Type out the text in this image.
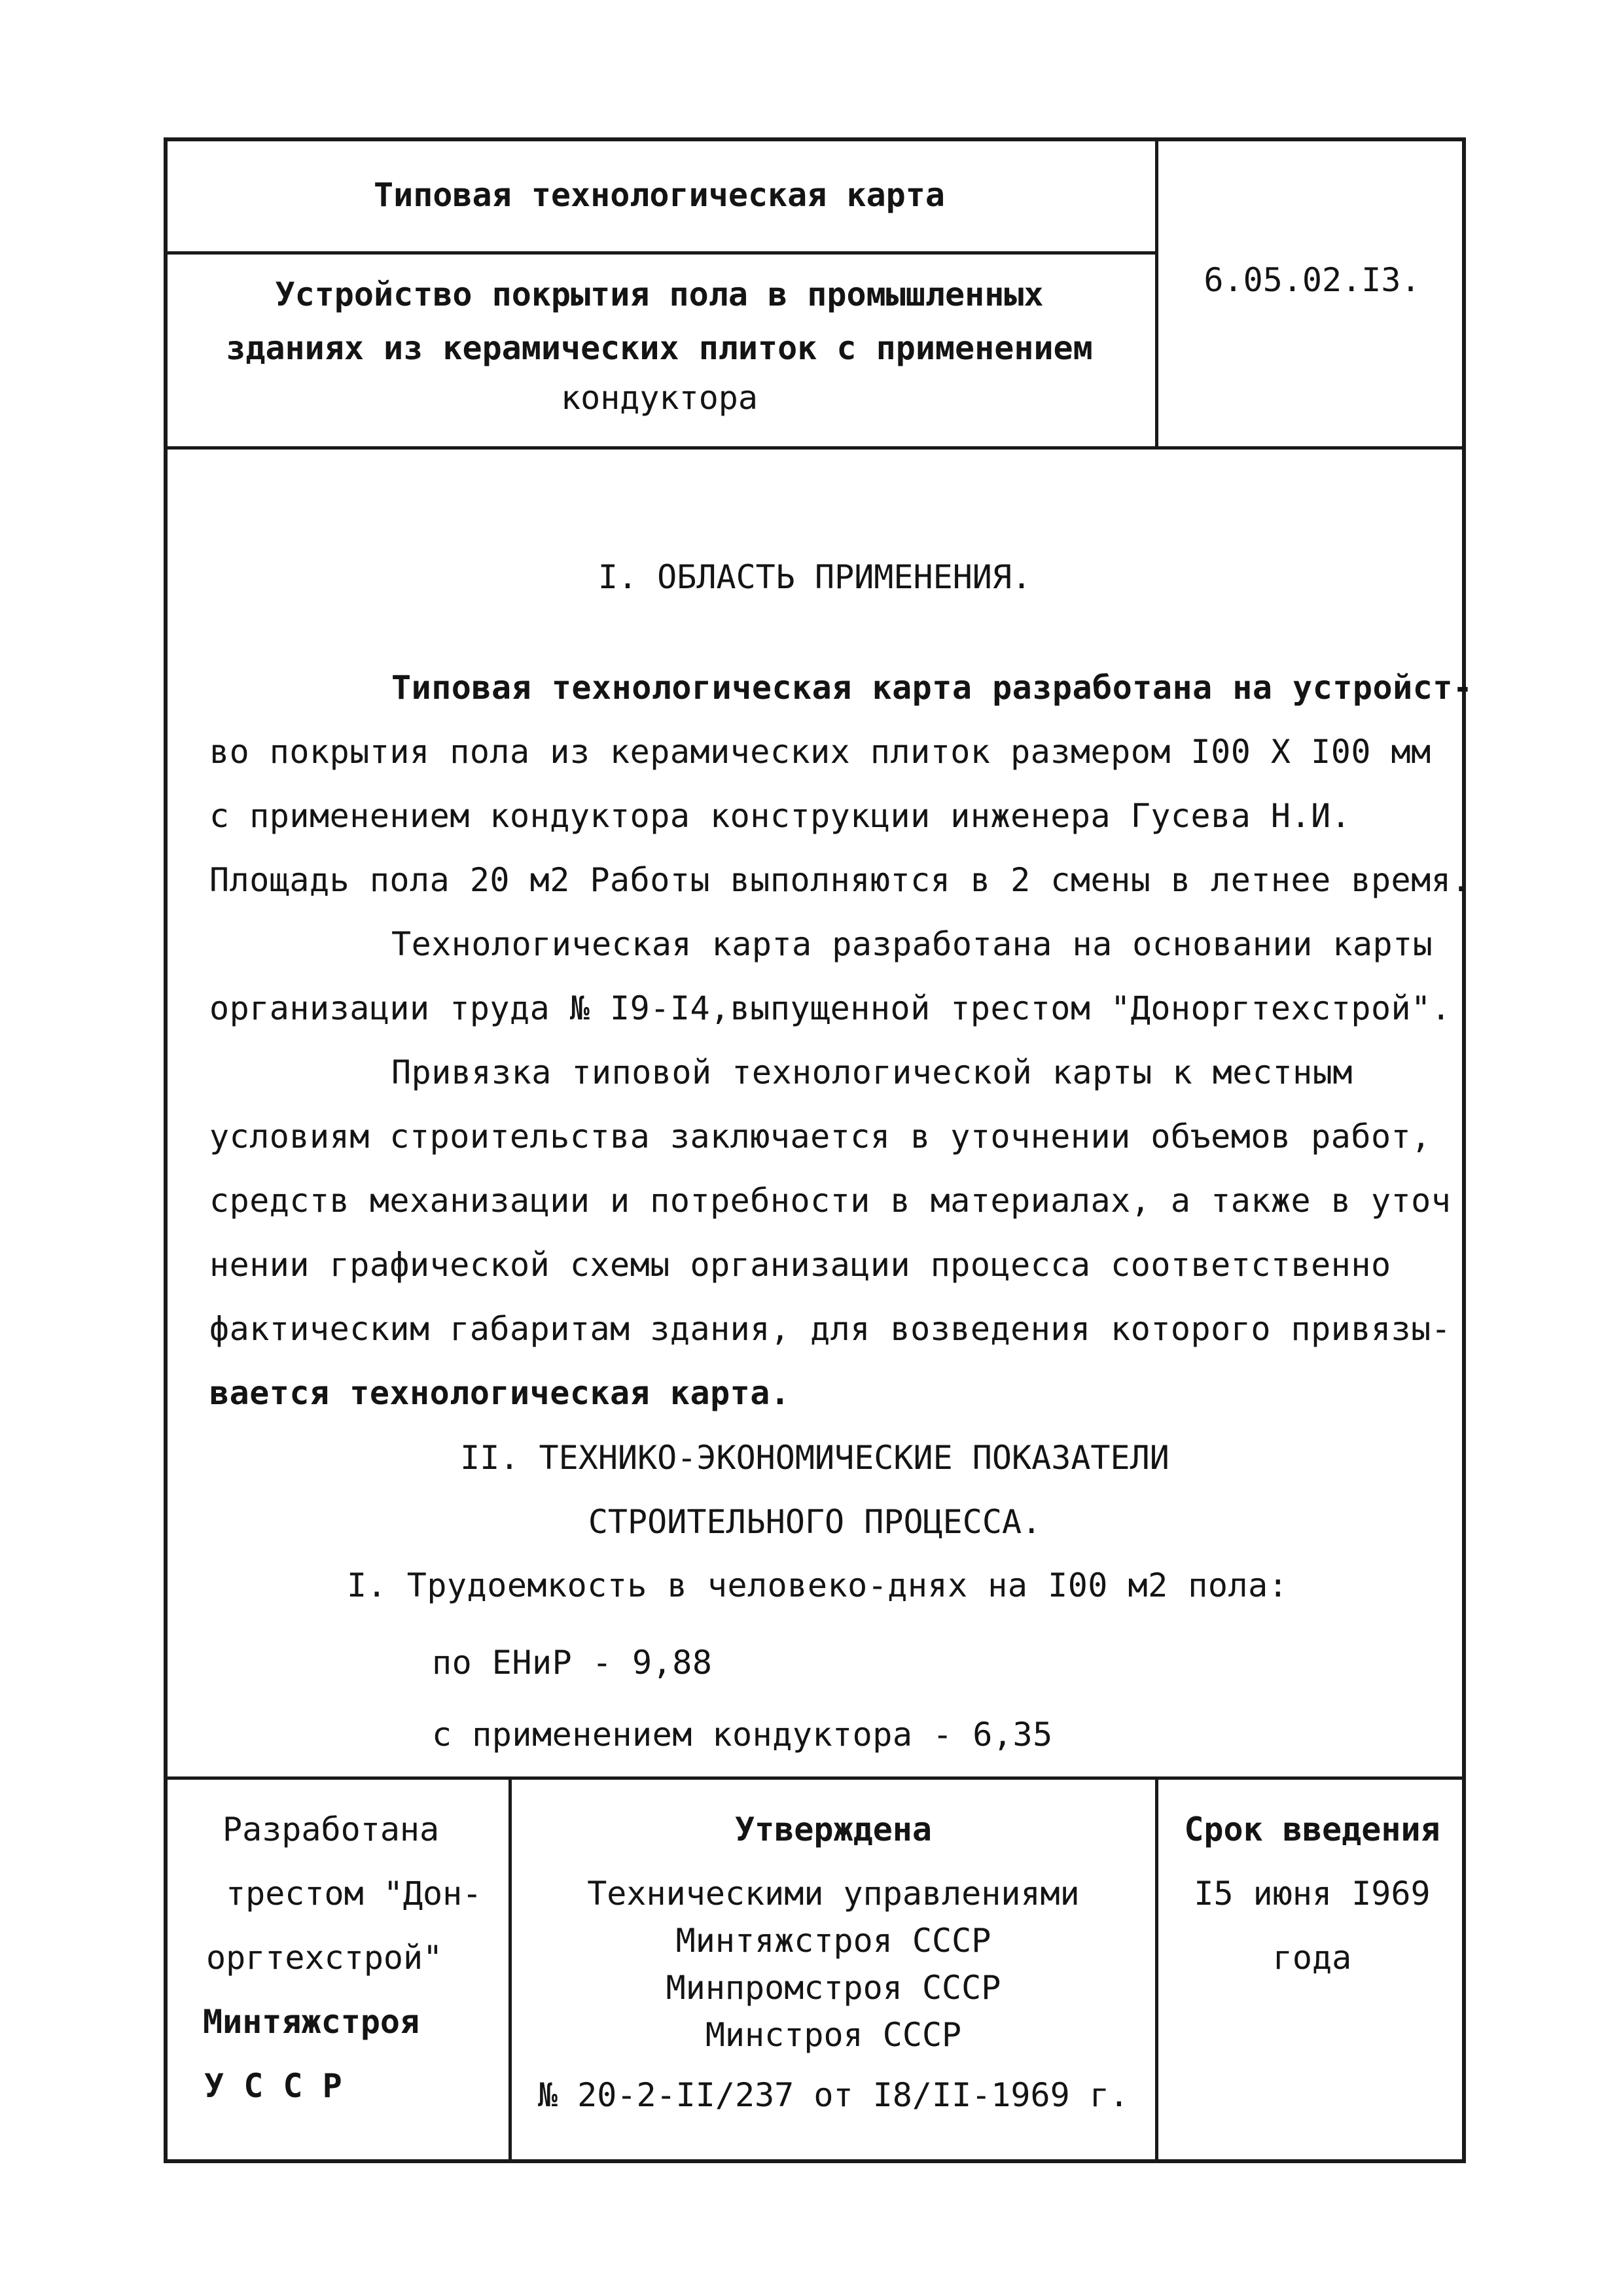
Типовая технологическая карта
6.05.02.I3.
Устройство покрытия пола в промышленных
зданиях из керамических плиток с применением
кондуктора
I. ОБЛАСТЬ ПРИМЕНЕНИЯ.
Типовая технологическая карта разработана на устройст-
во покрытия пола из керамических плиток размером I00 X I00 мм
с применением кондуктора конструкции инженера Гусева Н.И.
Площадь пола 20 м2 Работы выполняются в 2 смены в летнее время.
Технологическая карта разработана на основании карты
организации труда № I9-I4,выпущенной трестом "Доноргтехстрой".
Привязка типовой технологической карты к местным
условиям строительства заключается в уточнении объемов работ,
средств механизации и потребности в материалах, а также в уточ
нении графической схемы организации процесса соответственно
фактическим габаритам здания, для возведения которого привязы-
вается технологическая карта.
II. ТЕХНИКО-ЭКОНОМИЧЕСКИЕ ПОКАЗАТЕЛИ
СТРОИТЕЛЬНОГО ПРОЦЕССА.
I. Трудоемкость в человеко-днях на I00 м2 пола:
по ЕНиР - 9,88
с применением кондуктора - 6,35
Разработана
трестом "Дон-
оргтехстрой"
Минтяжстроя
У С С Р
Утверждена
Техническими управлениями
Минтяжстроя СССР
Минпромстроя СССР
Минстроя СССР
№ 20-2-II/237 от I8/II-1969 г.
Срок введения
I5 июня I969
года
